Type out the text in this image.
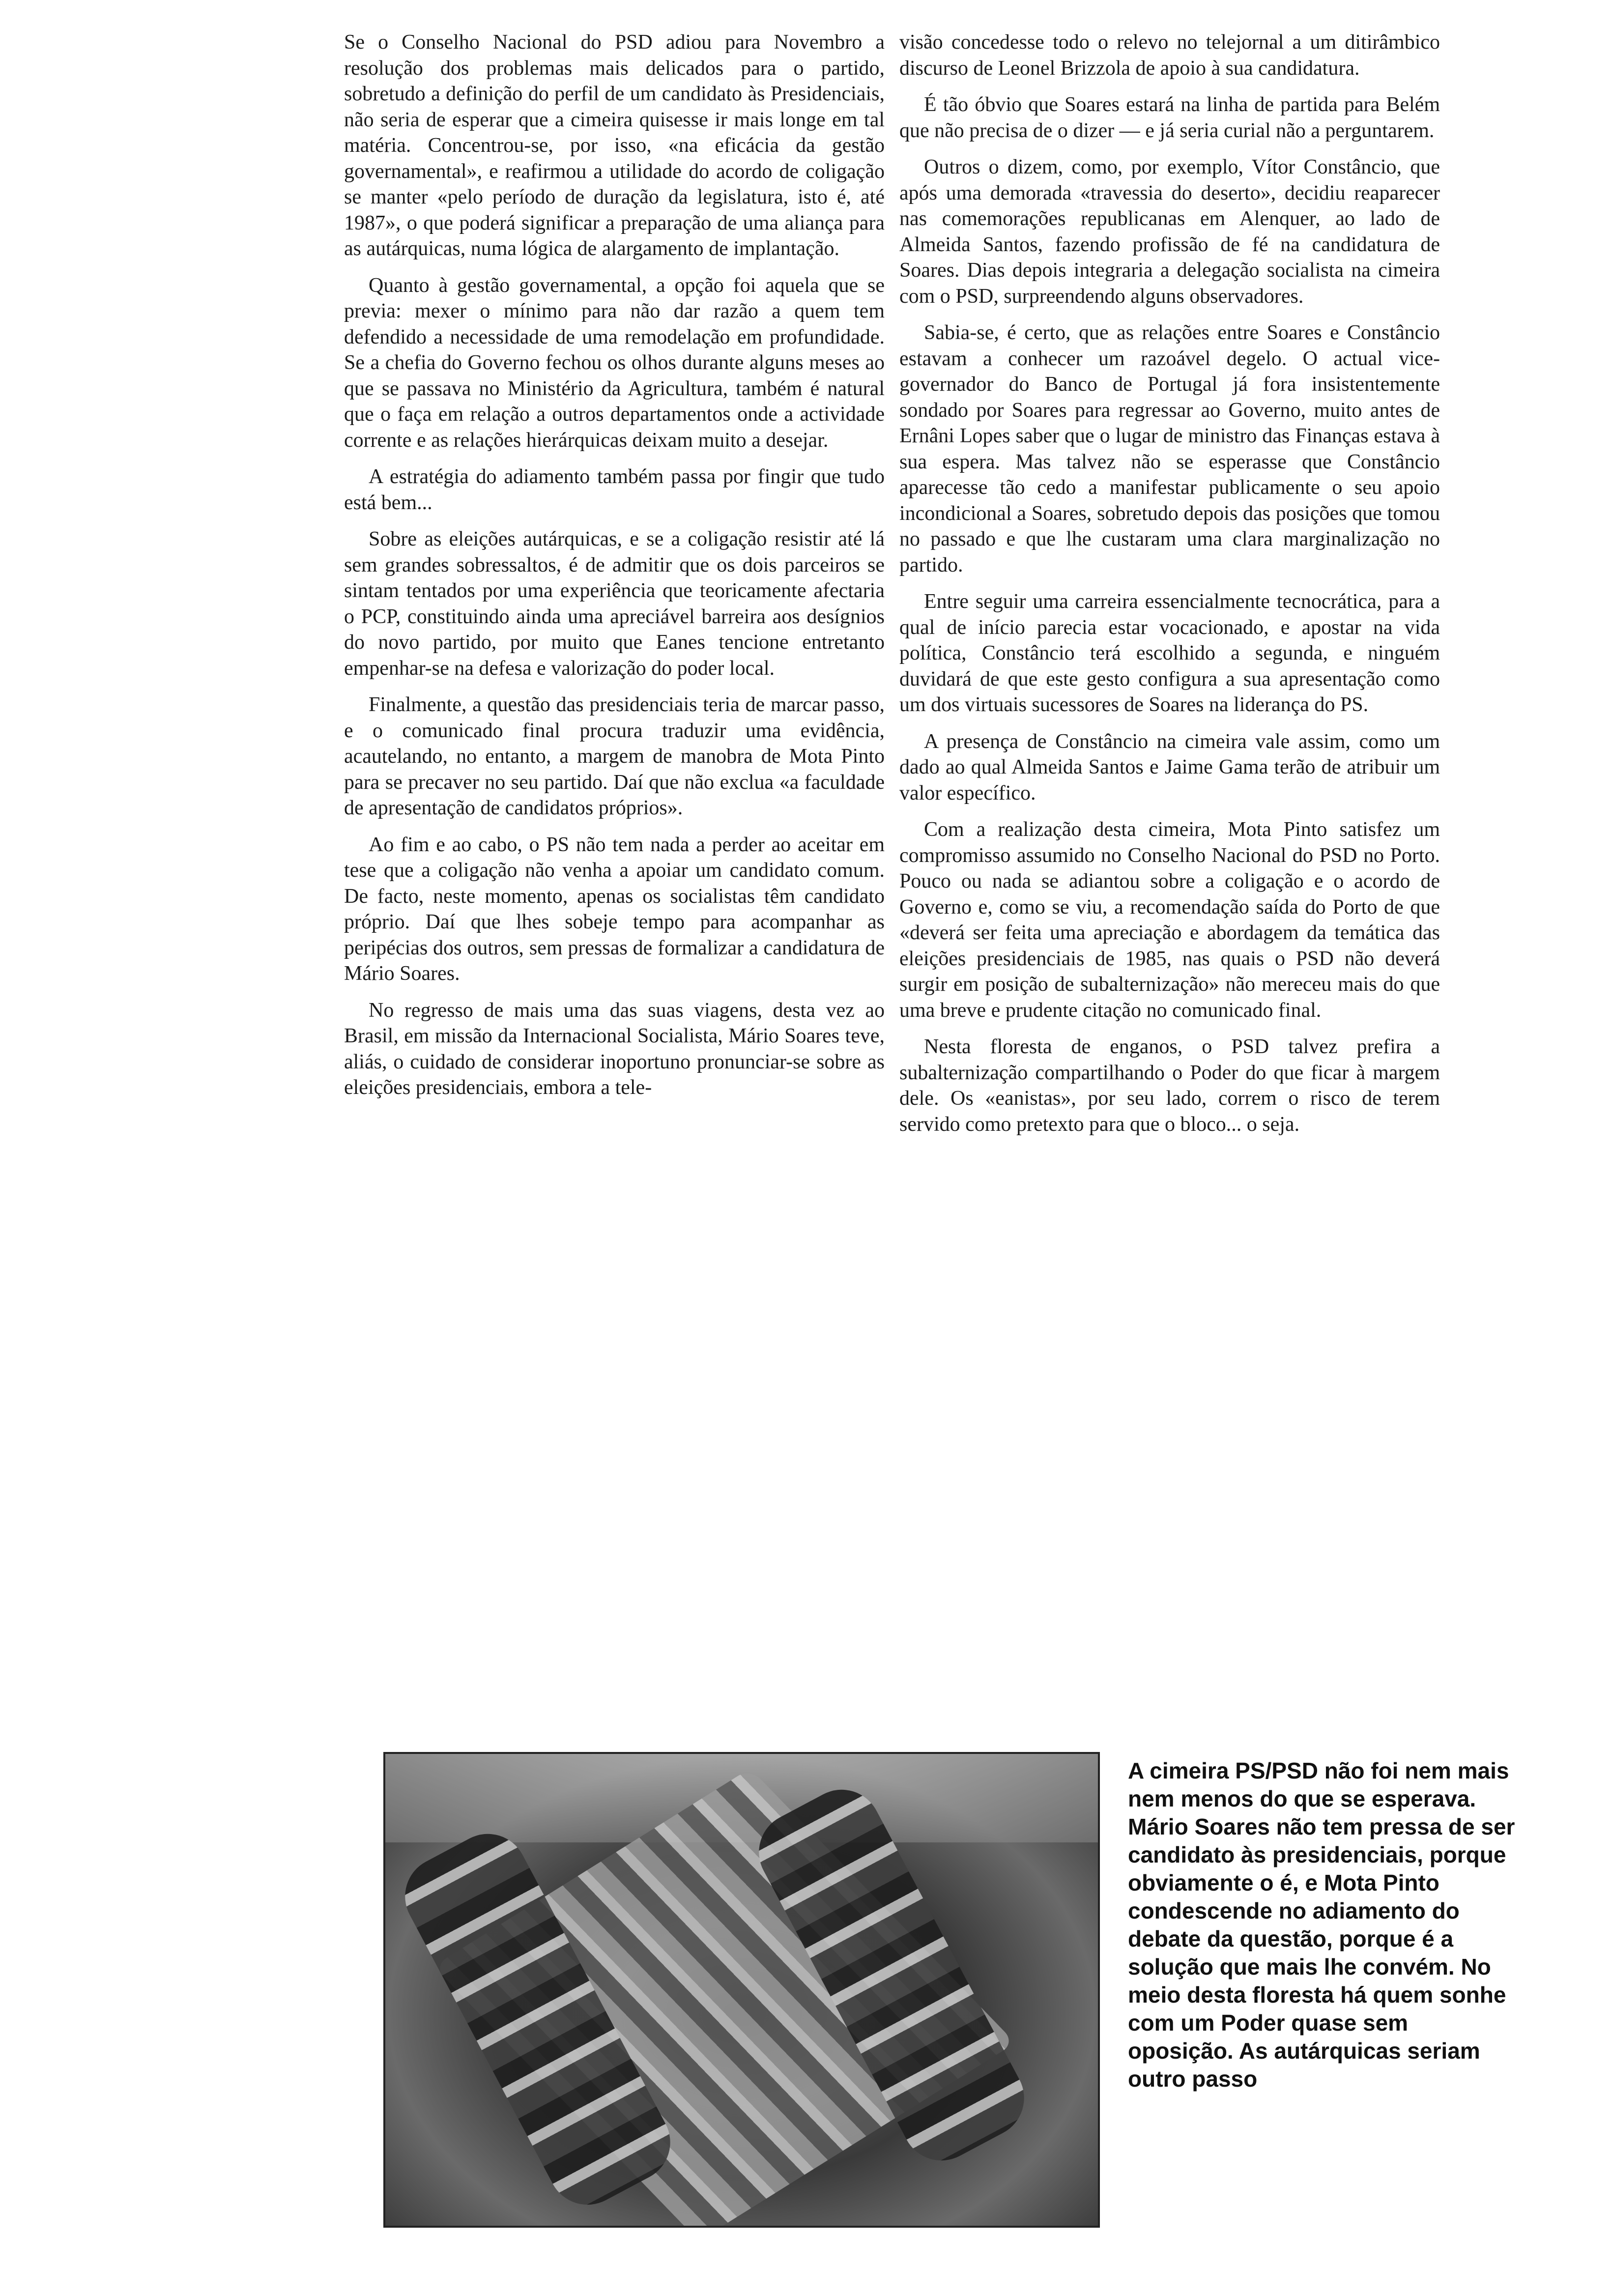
Se o Conselho Nacional do PSD adiou para Novembro a resolução dos problemas mais delicados para o partido, sobretudo a definição do perfil de um candidato às Presidenciais, não seria de esperar que a cimeira quisesse ir mais longe em tal matéria. Concentrou-se, por isso, «na eficácia da gestão governamental», e reafirmou a utilidade do acordo de coligação se manter «pelo período de duração da legislatura, isto é, até 1987», o que poderá significar a preparação de uma aliança para as autárquicas, numa lógica de alargamento de implantação.

Quanto à gestão governamental, a opção foi aquela que se previa: mexer o mínimo para não dar razão a quem tem defendido a necessidade de uma remodelação em profundidade. Se a chefia do Governo fechou os olhos durante alguns meses ao que se passava no Ministério da Agricultura, também é natural que o faça em relação a outros departamentos onde a actividade corrente e as relações hierárquicas deixam muito a desejar.

A estratégia do adiamento também passa por fingir que tudo está bem...

Sobre as eleições autárquicas, e se a coligação resistir até lá sem grandes sobressaltos, é de admitir que os dois parceiros se sintam tentados por uma experiência que teoricamente afectaria o PCP, constituindo ainda uma apreciável barreira aos desígnios do novo partido, por muito que Eanes tencione entretanto empenhar-se na defesa e valorização do poder local.

Finalmente, a questão das presidenciais teria de marcar passo, e o comunicado final procura traduzir uma evidência, acautelando, no entanto, a margem de manobra de Mota Pinto para se precaver no seu partido. Daí que não exclua «a faculdade de apresentação de candidatos próprios».

Ao fim e ao cabo, o PS não tem nada a perder ao aceitar em tese que a coligação não venha a apoiar um candidato comum. De facto, neste momento, apenas os socialistas têm candidato próprio. Daí que lhes sobeje tempo para acompanhar as peripécias dos outros, sem pressas de formalizar a candidatura de Mário Soares.

No regresso de mais uma das suas viagens, desta vez ao Brasil, em missão da Internacional Socialista, Mário Soares teve, aliás, o cuidado de considerar inoportuno pronunciar-se sobre as eleições presidenciais, embora a tele-

visão concedesse todo o relevo no telejornal a um ditirâmbico discurso de Leonel Brizzola de apoio à sua candidatura.

É tão óbvio que Soares estará na linha de partida para Belém que não precisa de o dizer — e já seria curial não a perguntarem.

Outros o dizem, como, por exemplo, Vítor Constâncio, que após uma demorada «travessia do deserto», decidiu reaparecer nas comemorações republicanas em Alenquer, ao lado de Almeida Santos, fazendo profissão de fé na candidatura de Soares. Dias depois integraria a delegação socialista na cimeira com o PSD, surpreendendo alguns observadores.

Sabia-se, é certo, que as relações entre Soares e Constâncio estavam a conhecer um razoável degelo. O actual vice-governador do Banco de Portugal já fora insistentemente sondado por Soares para regressar ao Governo, muito antes de Ernâni Lopes saber que o lugar de ministro das Finanças estava à sua espera. Mas talvez não se esperasse que Constâncio aparecesse tão cedo a manifestar publicamente o seu apoio incondicional a Soares, sobretudo depois das posições que tomou no passado e que lhe custaram uma clara marginalização no partido.

Entre seguir uma carreira essencialmente tecnocrática, para a qual de início parecia estar vocacionado, e apostar na vida política, Constâncio terá escolhido a segunda, e ninguém duvidará de que este gesto configura a sua apresentação como um dos virtuais sucessores de Soares na liderança do PS.

A presença de Constâncio na cimeira vale assim, como um dado ao qual Almeida Santos e Jaime Gama terão de atribuir um valor específico.

Com a realização desta cimeira, Mota Pinto satisfez um compromisso assumido no Conselho Nacional do PSD no Porto. Pouco ou nada se adiantou sobre a coligação e o acordo de Governo e, como se viu, a recomendação saída do Porto de que «deverá ser feita uma apreciação e abordagem da temática das eleições presidenciais de 1985, nas quais o PSD não deverá surgir em posição de subalternização» não mereceu mais do que uma breve e prudente citação no comunicado final.

Nesta floresta de enganos, o PSD talvez prefira a subalternização compartilhando o Poder do que ficar à margem dele. Os «eanistas», por seu lado, correm o risco de terem servido como pretexto para que o bloco... o seja.

A cimeira PS/PSD não foi nem mais nem menos do que se esperava. Mário Soares não tem pressa de ser candidato às presidenciais, porque obviamente o é, e Mota Pinto condescende no adiamento do debate da questão, porque é a solução que mais lhe convém. No meio desta floresta há quem sonhe com um Poder quase sem oposição. As autárquicas seriam outro passo
